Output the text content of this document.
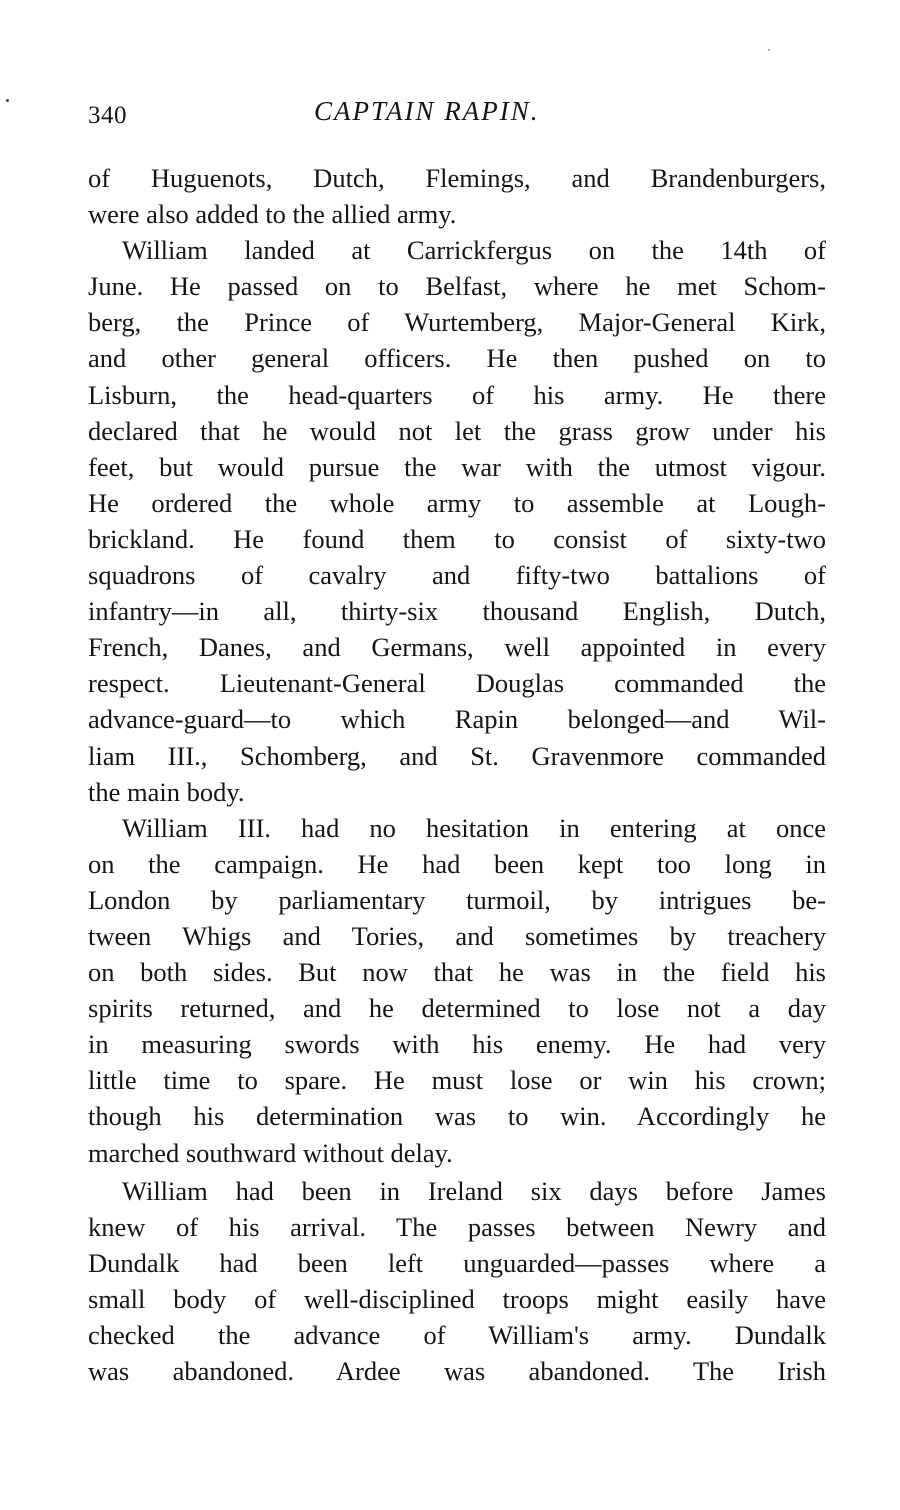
340	CAPTAIN RAPIN.
of Huguenots, Dutch, Flemings, and Brandenburgers,
were also added to the allied army.
William landed at Carrickfergus on the 14th of
June. He passed on to Belfast, where he met Schom-
berg, the Prince of Wurtemberg, Major-General Kirk,
and other general officers. He then pushed on to
Lisburn, the head-quarters of his army. He there
declared that he would not let the grass grow under his
feet, but would pursue the war with the utmost vigour.
He ordered the whole army to assemble at Lough-
brickland. He found them to consist of sixty-two
squadrons of cavalry and fifty-two battalions of
infantry—in all, thirty-six thousand English, Dutch,
French, Danes, and Germans, well appointed in every
respect. Lieutenant-General Douglas commanded the
advance-guard—to which Rapin belonged—and Wil-
liam III., Schomberg, and St. Gravenmore commanded
the main body.
William III. had no hesitation in entering at once
on the campaign. He had been kept too long in
London by parliamentary turmoil, by intrigues be-
tween Whigs and Tories, and sometimes by treachery
on both sides. But now that he was in the field his
spirits returned, and he determined to lose not a day
in measuring swords with his enemy. He had very
little time to spare. He must lose or win his crown;
though his determination was to win. Accordingly he
marched southward without delay.
William had been in Ireland six days before James
knew of his arrival. The passes between Newry and
Dundalk had been left unguarded—passes where a
small body of well-disciplined troops might easily have
checked the advance of William's army. Dundalk
was abandoned. Ardee was abandoned. The Irish
